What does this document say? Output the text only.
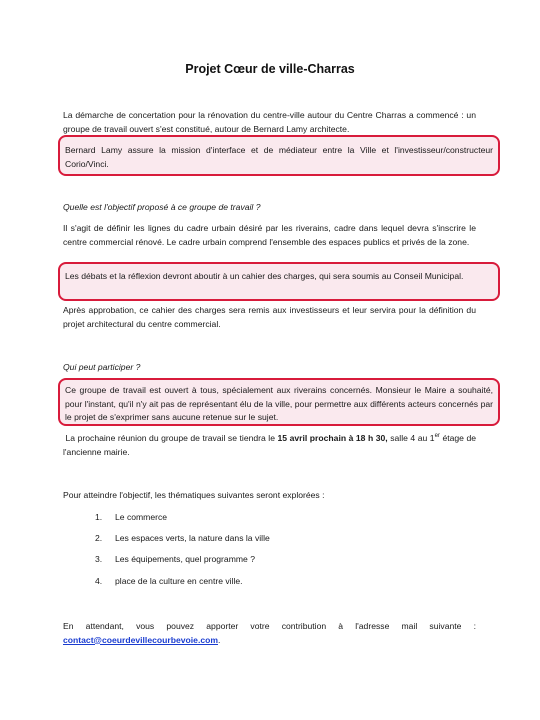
Projet Cœur de ville-Charras
La démarche de concertation pour la rénovation du centre-ville autour du Centre Charras a commencé : un groupe de travail ouvert s'est constitué, autour de Bernard Lamy architecte.
Bernard Lamy assure la mission d'interface et de médiateur entre la Ville et l'investisseur/constructeur Corio/Vinci.
Quelle est l'objectif proposé à ce groupe de travail ?
Il s'agit de définir les lignes du cadre urbain désiré par les riverains, cadre dans lequel devra s'inscrire le centre commercial rénové. Le cadre urbain comprend l'ensemble des espaces publics et privés de la zone.
Les débats et la réflexion devront aboutir à un cahier des charges, qui sera soumis au Conseil Municipal.
Après approbation, ce cahier des charges sera remis aux investisseurs et leur servira pour la définition du projet architectural du centre commercial.
Qui peut participer ?
Ce groupe de travail est ouvert à tous, spécialement aux riverains concernés. Monsieur le Maire a souhaité, pour l'instant, qu'il n'y ait pas de représentant élu de la ville, pour permettre aux différents acteurs concernés par le projet de s'exprimer sans aucune retenue sur le sujet.
La prochaine réunion du groupe de travail se tiendra le 15 avril prochain à 18 h 30, salle 4 au 1er étage de l'ancienne mairie.
Pour atteindre l'objectif, les thématiques suivantes seront explorées :
1. Le commerce
2. Les espaces verts, la nature dans la ville
3. Les équipements, quel programme ?
4. place de la culture en centre ville.
En attendant, vous pouvez apporter votre contribution à l'adresse mail suivante : contact@coeurdevillecourbevoie.com.
